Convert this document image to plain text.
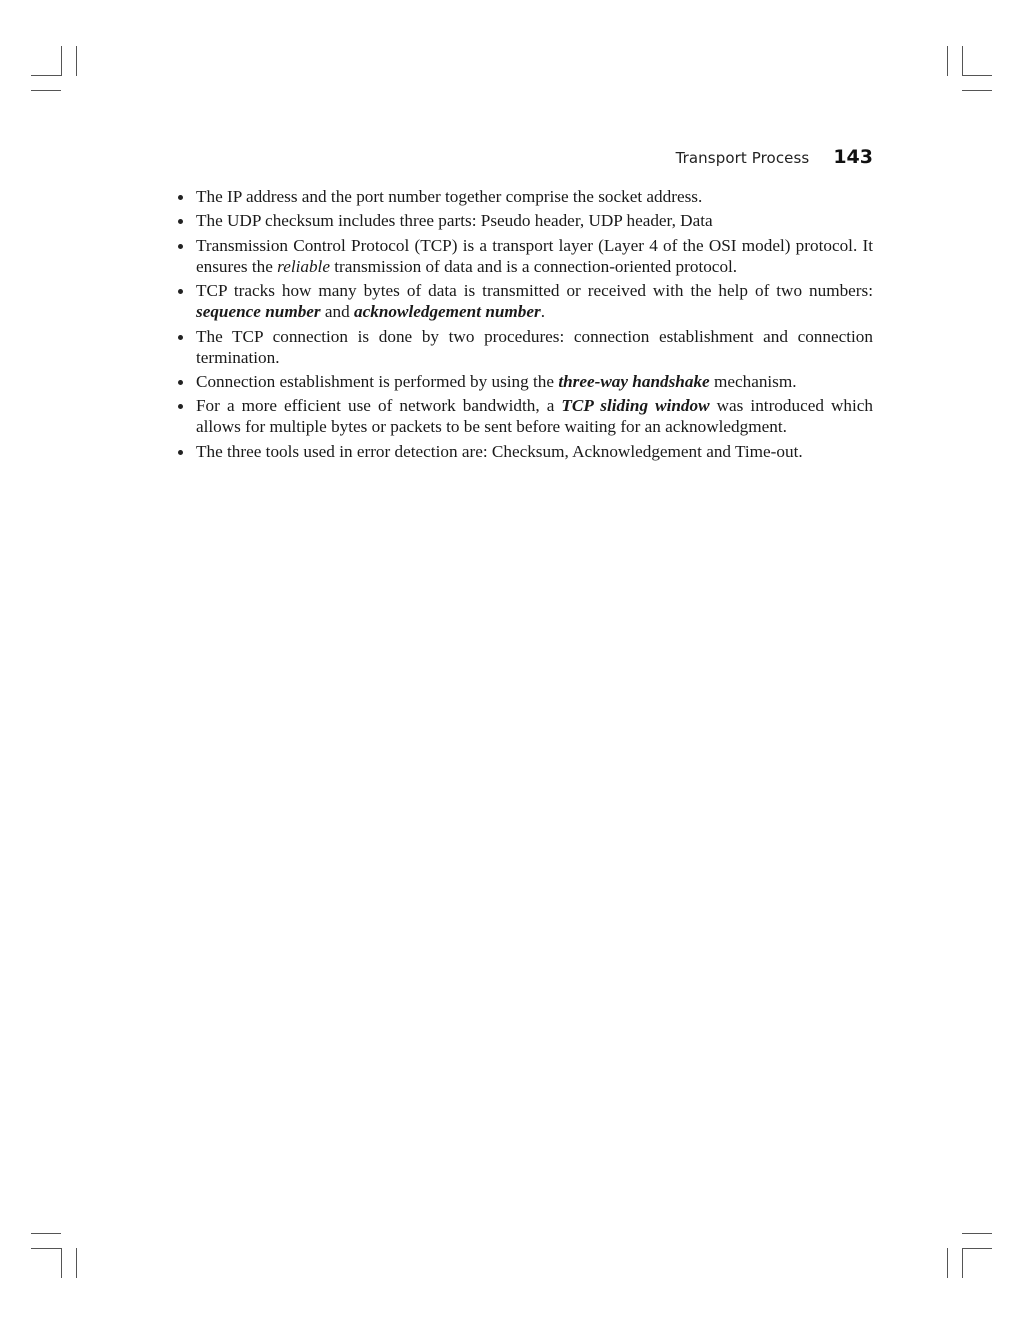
Transport Process 143
The IP address and the port number together comprise the socket address.
The UDP checksum includes three parts: Pseudo header, UDP header, Data
Transmission Control Protocol (TCP) is a transport layer (Layer 4 of the OSI model) protocol. It ensures the reliable transmission of data and is a connection-oriented protocol.
TCP tracks how many bytes of data is transmitted or received with the help of two numbers: sequence number and acknowledgement number.
The TCP connection is done by two procedures: connection establishment and connection termination.
Connection establishment is performed by using the three-way handshake mechanism.
For a more efficient use of network bandwidth, a TCP sliding window was introduced which allows for multiple bytes or packets to be sent before waiting for an acknowledgment.
The three tools used in error detection are: Checksum, Acknowledgement and Time-out.
